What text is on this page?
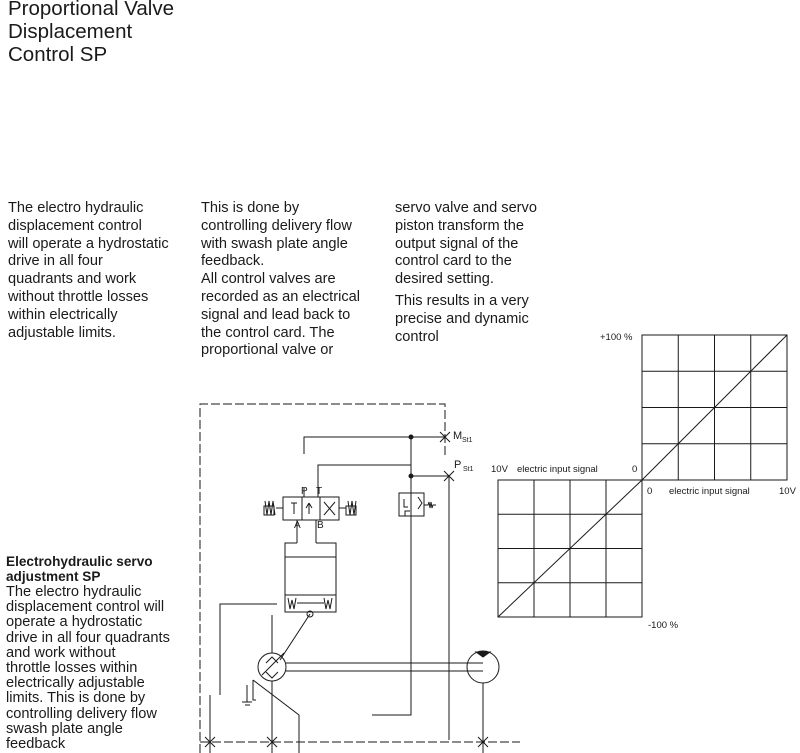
Proportional Valve
Displacement
Control SP

The electro hydraulic

displacement control

will operate a hydrostatic

drive in all four

quadrants and work

without throttle losses

within electrically

adjustable limits.

This is done by

controlling delivery flow

with swash plate angle

feedback.

All control valves are

recorded as an electrical

signal and lead back to

the control card. The

proportional valve or

servo valve and servo

piston transform the

output signal of the

control card to the

desired setting.

This results in a very

precise and dynamic

control

Electrohydraulic servo
adjustment SP
The electro hydraulic
displacement control will
operate a hydrostatic
drive in all four quadrants
and work without
throttle losses within
electrically adjustable
limits. This is done by
controlling delivery flow
swash plate angle
feedback
M St1
P St1
P T
A B
+100 %
-100 %
10V electric input signal	0
0 electric input signal	10V
